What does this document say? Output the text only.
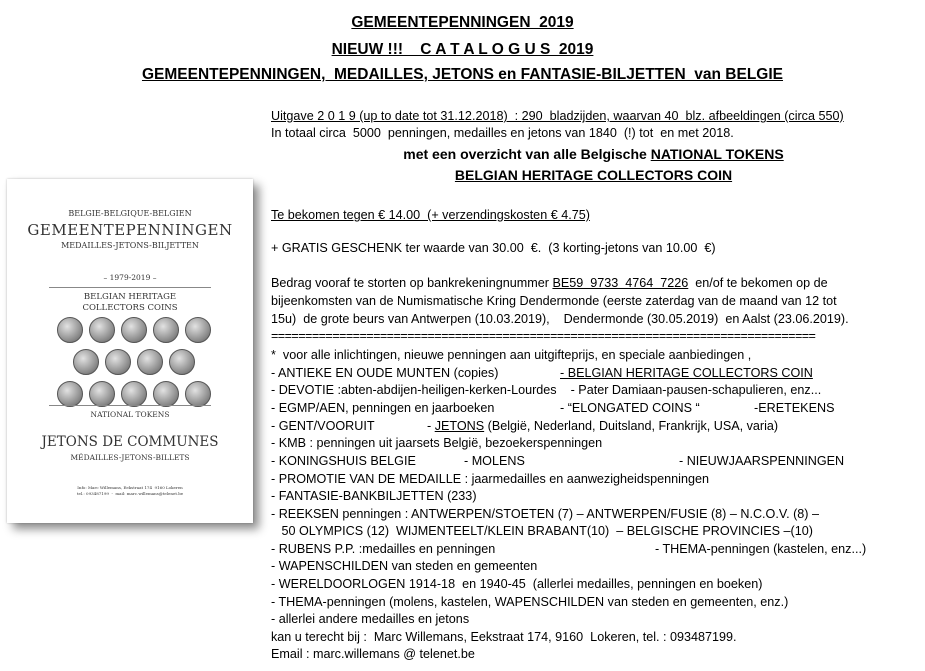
GEMEENTEPENNINGEN  2019
NIEUW !!!    C A T A L O G U S  2019
GEMEENTEPENNINGEN,  MEDAILLES, JETONS en FANTASIE-BILJETTEN  van BELGIE
BELGIE-BELGIQUE-BELGIEN
GEMEENTEPENNINGEN
MEDAILLES-JETONS-BILJETTEN
– 1979-2019 –
BELGIAN HERITAGE
COLLECTORS COINS
NATIONAL TOKENS
JETONS DE COMMUNES
MÉDAILLES-JETONS-BILLETS
Info: Marc Willemans, Eekstraat 174  9160 Lokeren
tel.: 093487199  -  mail: marc.willemans@telenet.be
Uitgave 2 0 1 9 (up to date tot 31.12.2018)  : 290  bladzijden, waarvan 40  blz. afbeeldingen (circa 550)
In totaal circa  5000  penningen, medailles en jetons van 1840  (!) tot  en met 2018.
met een overzicht van alle Belgische NATIONAL TOKENS
BELGIAN HERITAGE COLLECTORS COIN
Te bekomen tegen € 14.00  (+ verzendingskosten € 4.75)
+ GRATIS GESCHENK ter waarde van 30.00  €.  (3 korting-jetons van 10.00  €)
Bedrag vooraf te storten op bankrekeningnummer BE59  9733  4764  7226  en/of te bekomen op de
bijeenkomsten van de Numismatische Kring Dendermonde (eerste zaterdag van de maand van 12 tot
15u)  de grote beurs van Antwerpen (10.03.2019),    Dendermonde (30.05.2019)  en Aalst (23.06.2019).
================================================================================
*  voor alle inlichtingen, nieuwe penningen aan uitgifteprijs, en speciale aanbiedingen ,
- ANTIEKE EN OUDE MUNTEN (copies)	- BELGIAN HERITAGE COLLECTORS COIN
- DEVOTIE :abten-abdijen-heiligen-kerken-Lourdes    - Pater Damiaan-pausen-schapulieren, enz...
- EGMP/AEN, penningen en jaarboeken	- “ELONGATED COINS “	-ERETEKENS
- GENT/VOORUIT	- JETONS (België, Nederland, Duitsland, Frankrijk, USA, varia)
- KMB : penningen uit jaarsets België, bezoekerspenningen
- KONINGSHUIS BELGIE	- MOLENS	- NIEUWJAARSPENNINGEN
- PROMOTIE VAN DE MEDAILLE : jaarmedailles en aanwezigheidspenningen
- FANTASIE-BANKBILJETTEN (233)
- REEKSEN penningen : ANTWERPEN/STOETEN (7) – ANTWERPEN/FUSIE (8) – N.C.O.V. (8) –
50 OLYMPICS (12)  WIJMENTEELT/KLEIN BRABANT(10)  – BELGISCHE PROVINCIES –(10)
- RUBENS P.P. :medailles en penningen	- THEMA-penningen (kastelen, enz...)
- WAPENSCHILDEN van steden en gemeenten
- WERELDOORLOGEN 1914-18  en 1940-45  (allerlei medailles, penningen en boeken)
- THEMA-penningen (molens, kastelen, WAPENSCHILDEN van steden en gemeenten, enz.)
- allerlei andere medailles en jetons
kan u terecht bij :  Marc Willemans, Eekstraat 174, 9160  Lokeren, tel. : 093487199.
Email : marc.willemans @ telenet.be
